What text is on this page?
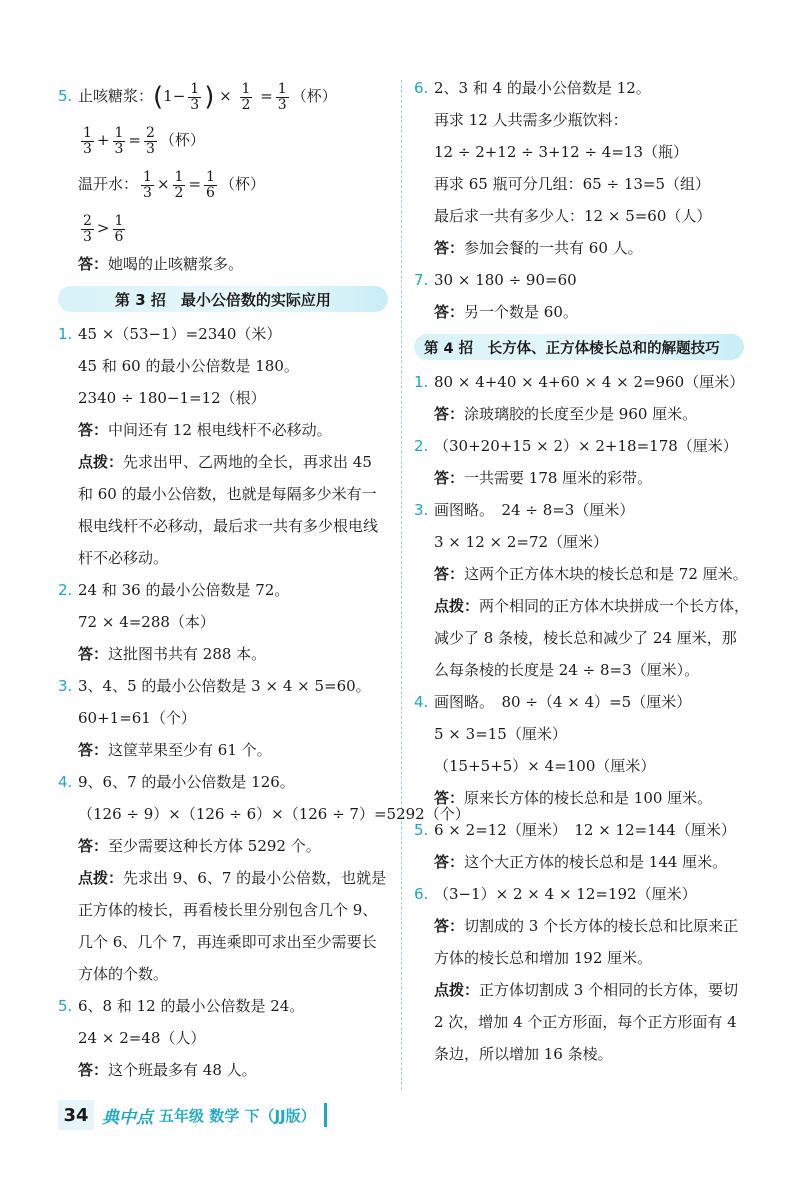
5. 止咳糖浆：($1- \frac{1}{3}$ ) × $\frac{1}{2} = \frac{1}{3}$ （杯）
$\frac{1}{3} + \frac{1}{3} = \frac{2}{3}$ （杯）
温开水： $\frac{1}{3} \times \frac{1}{2} = \frac{1}{6}$ （杯）
$\frac{2}{3} > \frac{1}{6}$

答：她喝的止咳糖浆多。

第 3 招　最小公倍数的实际应用

1. 45 ×（53−1）=2340（米）

45 和 60 的最小公倍数是 180。

2340 ÷ 180−1=12（根）

答：中间还有 12 根电线杆不必移动。

点拨：先求出甲、乙两地的全长，再求出 45

和 60 的最小公倍数，也就是每隔多少米有一

根电线杆不必移动，最后求一共有多少根电线

杆不必移动。

2. 24 和 36 的最小公倍数是 72。

72 × 4=288（本）

答：这批图书共有 288 本。

3. 3、4、5 的最小公倍数是 3 × 4 × 5=60。

60+1=61（个）

答：这筐苹果至少有 61 个。

4. 9、6、7 的最小公倍数是 126。

（126 ÷ 9）×（126 ÷ 6）×（126 ÷ 7）=5292（个）

答：至少需要这种长方体 5292 个。

点拨：先求出 9、6、7 的最小公倍数，也就是

正方体的棱长，再看棱长里分别包含几个 9、

几个 6、几个 7，再连乘即可求出至少需要长

方体的个数。

5. 6、8 和 12 的最小公倍数是 24。

24 × 2=48（人）

答：这个班最多有 48 人。

6. 2、3 和 4 的最小公倍数是 12。

再求 12 人共需多少瓶饮料：

12 ÷ 2+12 ÷ 3+12 ÷ 4=13（瓶）

再求 65 瓶可分几组：65 ÷ 13=5（组）

最后求一共有多少人：12 × 5=60（人）

答：参加会餐的一共有 60 人。

7. 30 × 180 ÷ 90=60

答：另一个数是 60。

第 4 招　长方体、正方体棱长总和的解题技巧

1. 80 × 4+40 × 4+60 × 4 × 2=960（厘米）

答：涂玻璃胶的长度至少是 960 厘米。

2. （30+20+15 × 2）× 2+18=178（厘米）

答：一共需要 178 厘米的彩带。

3. 画图略。　24 ÷ 8=3（厘米）

3 × 12 × 2=72（厘米）

答：这两个正方体木块的棱长总和是 72 厘米。

点拨：两个相同的正方体木块拼成一个长方体，

减少了 8 条棱，棱长总和减少了 24 厘米，那

么每条棱的长度是 24 ÷ 8=3（厘米）。

4. 画图略。　80 ÷（4 × 4）=5（厘米）

5 × 3=15（厘米）

（15+5+5）× 4=100（厘米）

答：原来长方体的棱长总和是 100 厘米。

5. 6 × 2=12（厘米）　12 × 12=144（厘米）

答：这个大正方体的棱长总和是 144 厘米。

6. （3−1）× 2 × 4 × 12=192（厘米）

答：切割成的 3 个长方体的棱长总和比原来正

方体的棱长总和增加 192 厘米。

点拨：正方体切割成 3 个相同的长方体，要切

2 次，增加 4 个正方形面，每个正方形面有 4

条边，所以增加 16 条棱。

34 典中点 五年级 数学 下（JJ版）
